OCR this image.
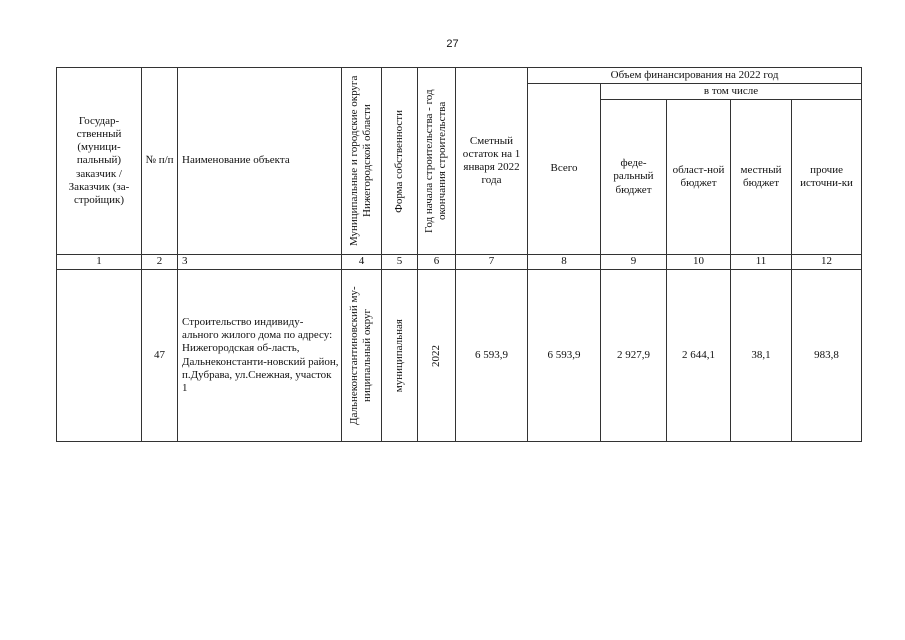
27
Государ-ственный (муници-пальный) заказчик / Заказчик (за-стройщик)	№ п/п	Наименование объекта	Муниципальные и городские округа Нижегородской области	Форма собственности	Год начала строительства - год окончания строительства	Сметный остаток на 1 января 2022 года	Объем финансирования на 2022 год				
							Всего	в том числе			
								феде-ральный бюджет	област-ной бюджет	местный бюджет	прочие источни-ки
1	2	3	4	5	6	7	8	9	10	11	12
	47	Строительство индивиду-ального жилого дома по адресу: Нижегородская об-ласть, Дальнеконстанти-новский район, п.Дубрава, ул.Снежная, участок 1	Дальнеконстантиновский му-ниципальный округ	муниципальная	2022	6 593,9	6 593,9	2 927,9	2 644,1	38,1	983,8
